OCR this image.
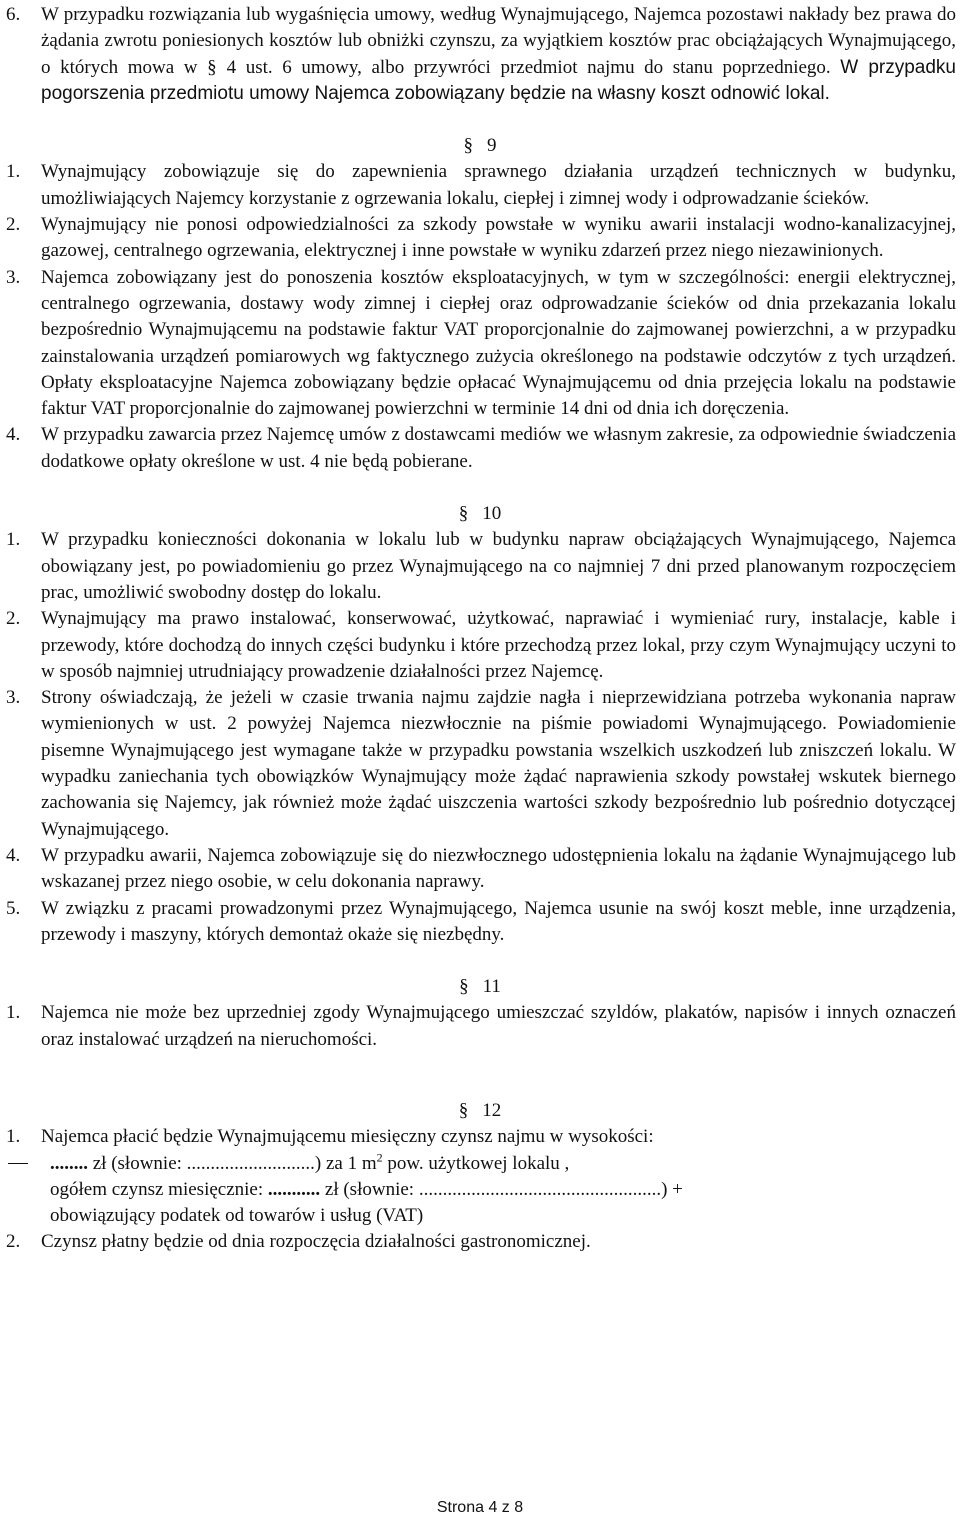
6. W przypadku rozwiązania lub wygaśnięcia umowy, według Wynajmującego, Najemca pozostawi nakłady bez prawa do żądania zwrotu poniesionych kosztów lub obniżki czynszu, za wyjątkiem kosztów prac obciążających Wynajmującego, o których mowa w § 4 ust. 6 umowy, albo przywróci przedmiot najmu do stanu poprzedniego. W przypadku pogorszenia przedmiotu umowy Najemca zobowiązany będzie na własny koszt odnowić lokal.

§ 9

1. Wynajmujący zobowiązuje się do zapewnienia sprawnego działania urządzeń technicznych w budynku, umożliwiających Najemcy korzystanie z ogrzewania lokalu, ciepłej i zimnej wody i odprowadzanie ścieków.

2. Wynajmujący nie ponosi odpowiedzialności za szkody powstałe w wyniku awarii instalacji wodno-kanalizacyjnej, gazowej, centralnego ogrzewania, elektrycznej i inne powstałe w wyniku zdarzeń przez niego niezawinionych.

3. Najemca zobowiązany jest do ponoszenia kosztów eksploatacyjnych, w tym w szczególności: energii elektrycznej, centralnego ogrzewania, dostawy wody zimnej i ciepłej oraz odprowadzanie ścieków od dnia przekazania lokalu bezpośrednio Wynajmującemu na podstawie faktur VAT proporcjonalnie do zajmowanej powierzchni, a w przypadku zainstalowania urządzeń pomiarowych wg faktycznego zużycia określonego na podstawie odczytów z tych urządzeń. Opłaty eksploatacyjne Najemca zobowiązany będzie opłacać Wynajmującemu od dnia przejęcia lokalu na podstawie faktur VAT proporcjonalnie do zajmowanej powierzchni w terminie 14 dni od dnia ich doręczenia.

4. W przypadku zawarcia przez Najemcę umów z dostawcami mediów we własnym zakresie, za odpowiednie świadczenia dodatkowe opłaty określone w ust. 4 nie będą pobierane.

§ 10

1. W przypadku konieczności dokonania w lokalu lub w budynku napraw obciążających Wynajmującego, Najemca obowiązany jest, po powiadomieniu go przez Wynajmującego na co najmniej 7 dni przed planowanym rozpoczęciem prac, umożliwić swobodny dostęp do lokalu.

2. Wynajmujący ma prawo instalować, konserwować, użytkować, naprawiać i wymieniać rury, instalacje, kable i przewody, które dochodzą do innych części budynku i które przechodzą przez lokal, przy czym Wynajmujący uczyni to w sposób najmniej utrudniający prowadzenie działalności przez Najemcę.

3. Strony oświadczają, że jeżeli w czasie trwania najmu zajdzie nagła i nieprzewidziana potrzeba wykonania napraw wymienionych w ust. 2 powyżej Najemca niezwłocznie na piśmie powiadomi Wynajmującego. Powiadomienie pisemne Wynajmującego jest wymagane także w przypadku powstania wszelkich uszkodzeń lub zniszczeń lokalu. W wypadku zaniechania tych obowiązków Wynajmujący może żądać naprawienia szkody powstałej wskutek biernego zachowania się Najemcy, jak również może żądać uiszczenia wartości szkody bezpośrednio lub pośrednio dotyczącej Wynajmującego.

4. W przypadku awarii, Najemca zobowiązuje się do niezwłocznego udostępnienia lokalu na żądanie Wynajmującego lub wskazanej przez niego osobie, w celu dokonania naprawy.

5. W związku z pracami prowadzonymi przez Wynajmującego, Najemca usunie na swój koszt meble, inne urządzenia, przewody i maszyny, których demontaż okaże się niezbędny.

§ 11

1. Najemca nie może bez uprzedniej zgody Wynajmującego umieszczać szyldów, plakatów, napisów i innych oznaczeń oraz instalować urządzeń na nieruchomości.

§ 12

1. Najemca płacić będzie Wynajmującemu miesięczny czynsz najmu w wysokości:

........ zł (słownie: ...........................) za 1 $m^2$ pow. użytkowej lokalu ,
ogółem czynsz miesięcznie: ........... zł (słownie: ...................................................) +
obowiązujący podatek od towarów i usług (VAT)
2. Czynsz płatny będzie od dnia rozpoczęcia działalności gastronomicznej.

Strona 4 z 8
